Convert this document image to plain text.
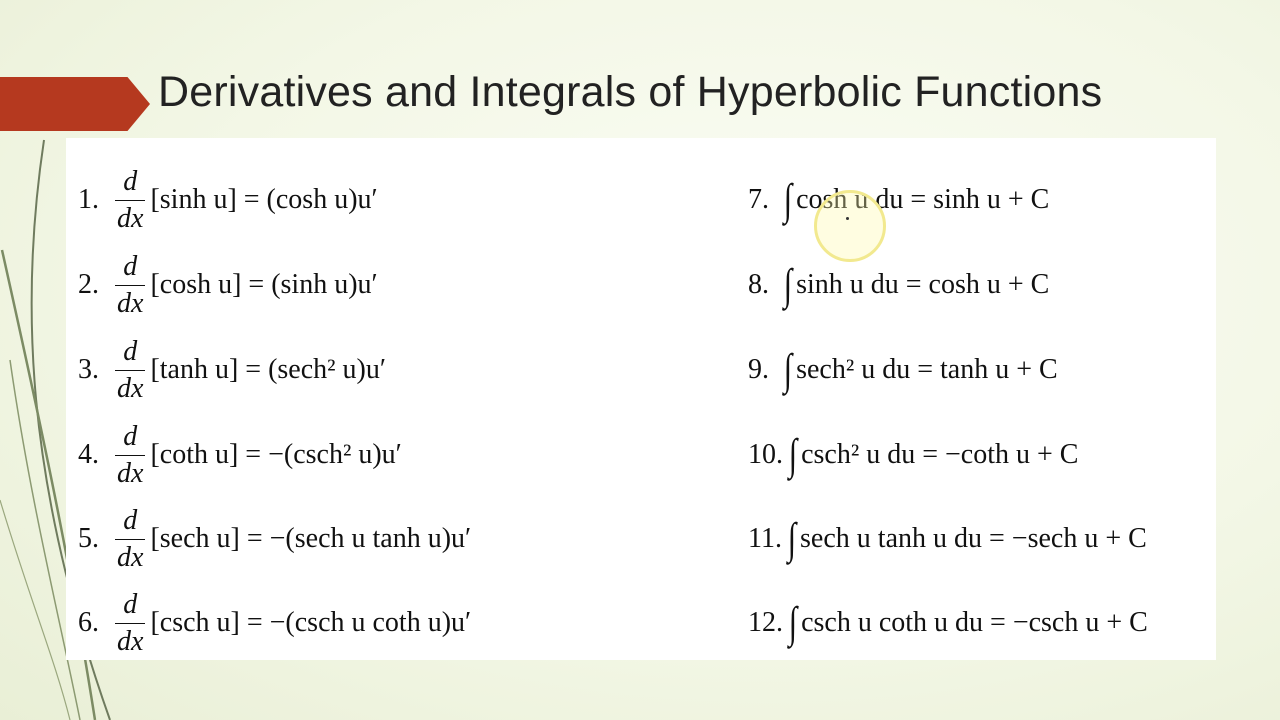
Derivatives and Integrals of Hyperbolic Functions
1. $\frac{d}{dx} [\sinh$ u] = (cosh u)u′
2. $\frac{d}{dx} [\cosh$ u] = (sinh u)u′
3. $\frac{d}{dx} [\tanh$ u] = (sech² u)u′
4. $\frac{d}{dx} [\cot h$ u] = −(csch² u)u′
5. $\frac{d}{dx} [\sec h$ u] = −(sech u tanh u)u′
6. $\frac{d}{dx} [\csc h$ u] = −(csch u coth u)u′
7. ∫ cosh u du = sinh u + C
8. ∫ sinh u du = cosh u + C
9. ∫ sech² u du = tanh u + C
10. ∫ csch² u du = −coth u + C
11. ∫ sech u tanh u du = −sech u + C
12. ∫ csch u coth u du = −csch u + C
